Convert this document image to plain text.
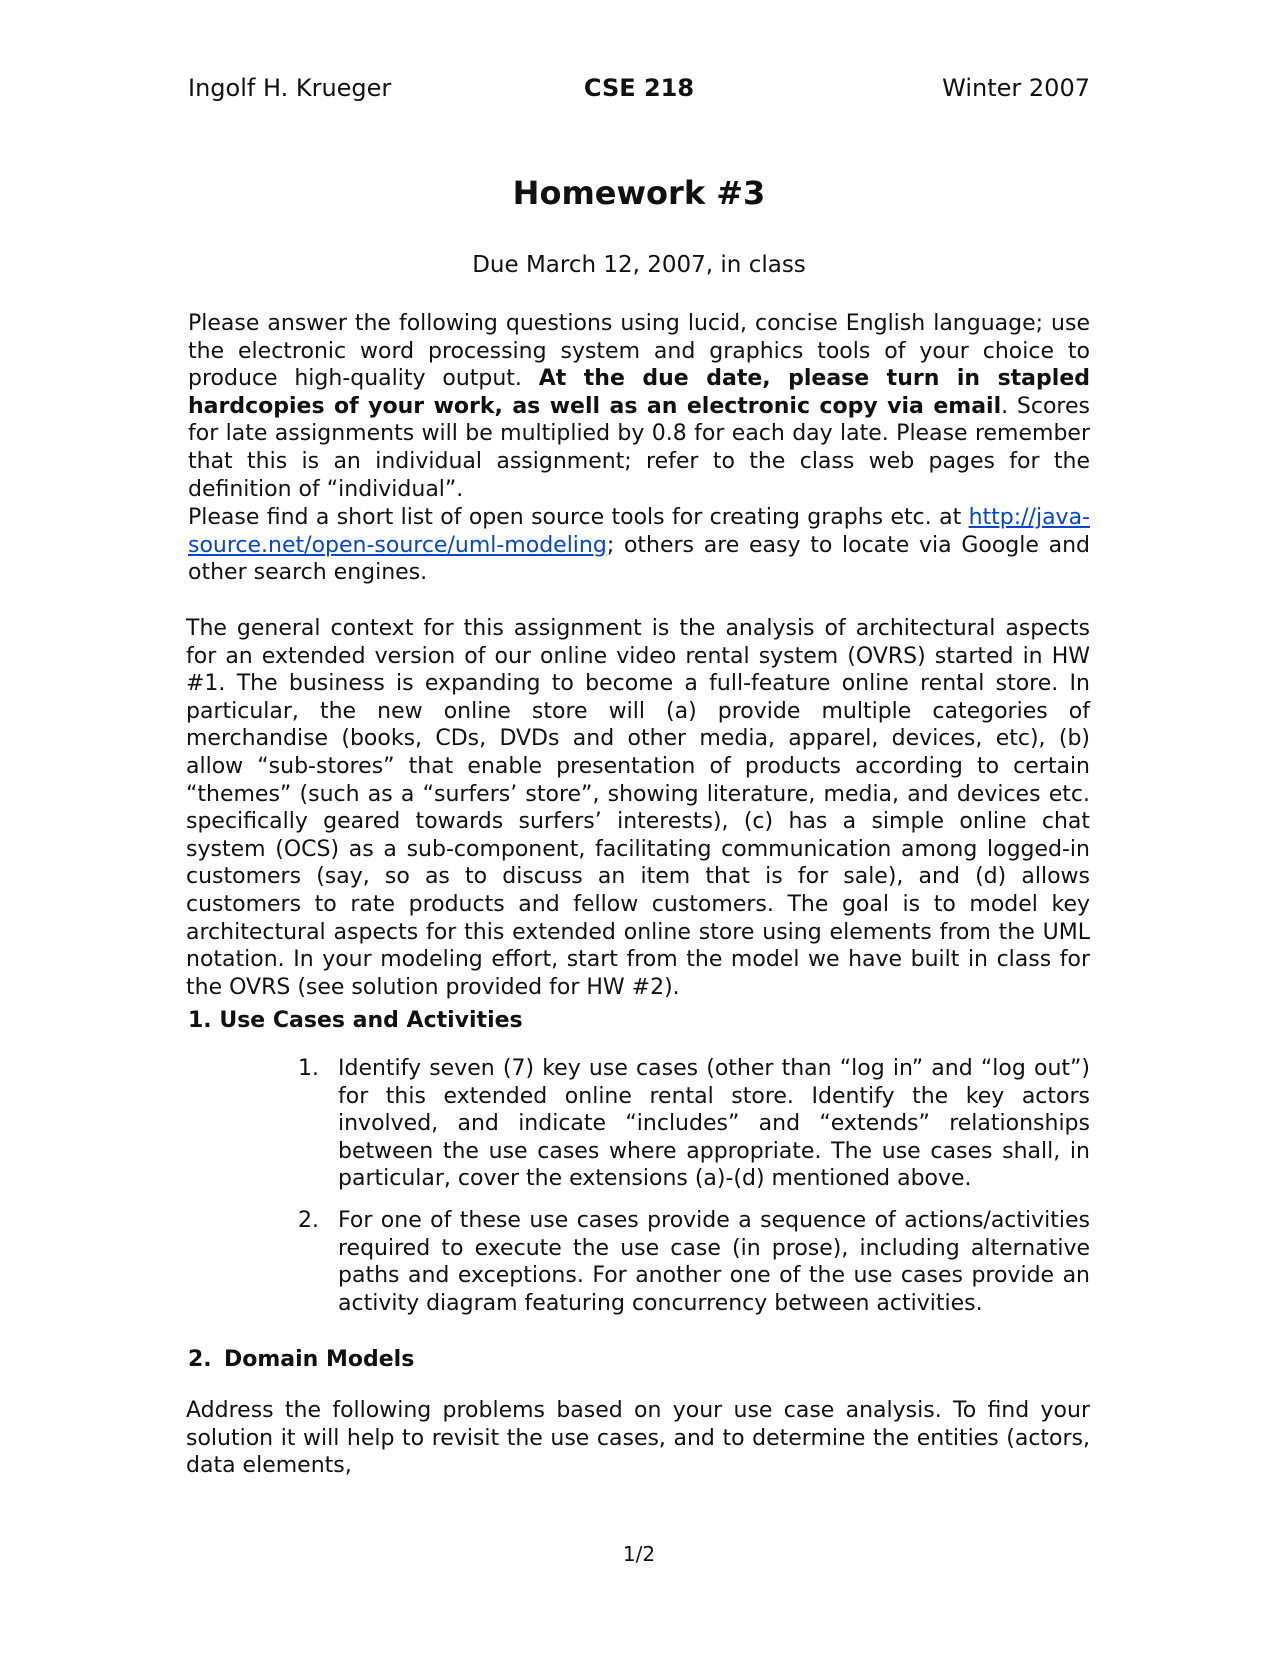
Ingolf H. Krueger	CSE 218	Winter 2007
Homework #3
Due March 12, 2007, in class
Please answer the following questions using lucid, concise English language; use the electronic word processing system and graphics tools of your choice to produce high-quality output. At the due date, please turn in stapled hardcopies of your work, as well as an electronic copy via email. Scores for late assignments will be multiplied by 0.8 for each day late. Please remember that this is an individual assignment; refer to the class web pages for the definition of “individual”.
Please find a short list of open source tools for creating graphs etc. at http://java-source.net/open-source/uml-modeling; others are easy to locate via Google and other search engines.
The general context for this assignment is the analysis of architectural aspects for an extended version of our online video rental system (OVRS) started in HW #1. The business is expanding to become a full-feature online rental store. In particular, the new online store will (a) provide multiple categories of merchandise (books, CDs, DVDs and other media, apparel, devices, etc), (b) allow “sub-stores” that enable presentation of products according to certain “themes” (such as a “surfers’ store”, showing literature, media, and devices etc. specifically geared towards surfers’ interests), (c) has a simple online chat system (OCS) as a sub-component, facilitating communication among logged-in customers (say, so as to discuss an item that is for sale), and (d) allows customers to rate products and fellow customers. The goal is to model key architectural aspects for this extended online store using elements from the UML notation. In your modeling effort, start from the model we have built in class for the OVRS (see solution provided for HW #2).
1. Use Cases and Activities
1. Identify seven (7) key use cases (other than “log in” and “log out”) for this extended online rental store. Identify the key actors involved, and indicate “includes” and “extends” relationships between the use cases where appropriate. The use cases shall, in particular, cover the extensions (a)-(d) mentioned above.
2. For one of these use cases provide a sequence of actions/activities required to execute the use case (in prose), including alternative paths and exceptions. For another one of the use cases provide an activity diagram featuring concurrency between activities.
2. Domain Models
Address the following problems based on your use case analysis. To find your solution it will help to revisit the use cases, and to determine the entities (actors, data elements,
1/2
